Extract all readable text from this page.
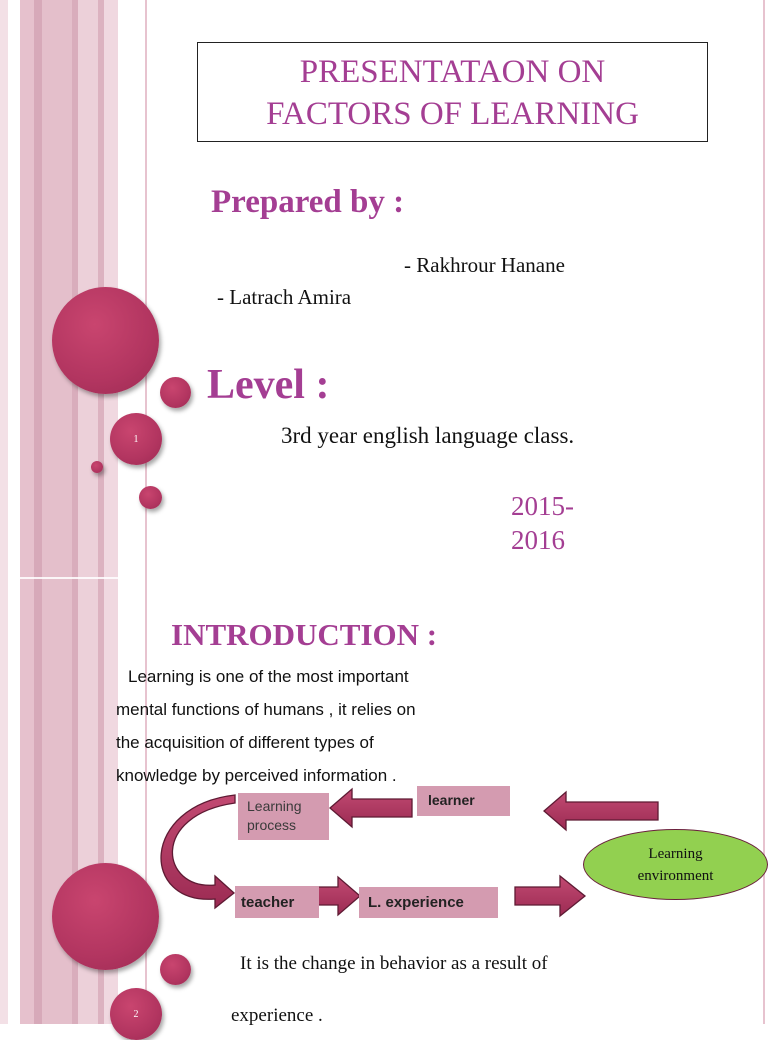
1
2
PRESENTATAON ON
FACTORS OF LEARNING
Prepared by :
- Rakhrour Hanane
- Latrach Amira
Level :
3rd year english language class.
2015-
2016
INTRODUCTION :
Learning is one of the most important
mental functions of humans , it relies on
the acquisition of different types of
knowledge by perceived information .
Learning
process
learner
teacher	L. experience
Learning
environment
It is the change in behavior as a result of
experience .
